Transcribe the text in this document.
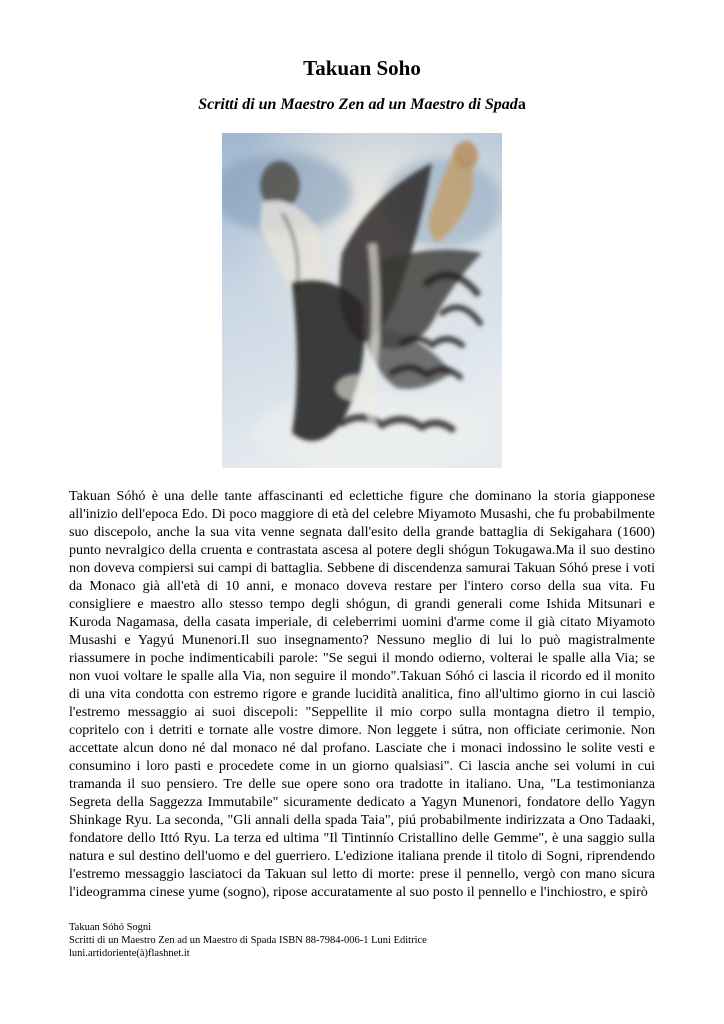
Takuan Soho

Scritti di un Maestro Zen ad un Maestro di Spada

Takuan Sóhó è una delle tante affascinanti ed eclettiche figure che dominano la storia giapponese all'inizio dell'epoca Edo. Di poco maggiore di età del celebre Miyamoto Musashi, che fu probabilmente suo discepolo, anche la sua vita venne segnata dall'esito della grande battaglia di Sekigahara (1600) punto nevralgico della cruenta e contrastata ascesa al potere degli shógun Tokugawa.Ma il suo destino non doveva compiersi sui campi di battaglia. Sebbene di discendenza samurai Takuan Sóhó prese i voti da Monaco già all'età di 10 anni, e monaco doveva restare per l'intero corso della sua vita. Fu consigliere e maestro allo stesso tempo degli shógun, di grandi generali come Ishida Mitsunari e Kuroda Nagamasa, della casata imperiale, di celeberrimi uomini d'arme come il già citato Miyamoto Musashi e Yagyú Munenori.Il suo insegnamento? Nessuno meglio di lui lo può magistralmente riassumere in poche indimenticabili parole: "Se segui il mondo odierno, volterai le spalle alla Via; se non vuoi voltare le spalle alla Via, non seguire il mondo".Takuan Sóhó ci lascia il ricordo ed il monito di una vita condotta con estremo rigore e grande lucidità analitica, fino all'ultimo giorno in cui lasciò l'estremo messaggio ai suoi discepoli: "Seppellite il mio corpo sulla montagna dietro il tempio, copritelo con i detriti e tornate alle vostre dimore. Non leggete i sútra, non officiate cerimonie. Non accettate alcun dono né dal monaco né dal profano. Lasciate che i monaci indossino le solite vesti e consumino i loro pasti e procedete come in un giorno qualsiasi". Ci lascia anche sei volumi in cui tramanda il suo pensiero. Tre delle sue opere sono ora tradotte in italiano. Una, "La testimonianza Segreta della Saggezza Immutabile" sicuramente dedicato a Yagyn Munenori, fondatore dello Yagyn Shinkage Ryu. La seconda, "Gli annali della spada Taia", piú probabilmente indirizzata a Ono Tadaaki, fondatore dello Ittó Ryu. La terza ed ultima "Il Tintinnío Cristallino delle Gemme", è una saggio sulla natura e sul destino dell'uomo e del guerriero. L'edizione italiana prende il titolo di Sogni, riprendendo l'estremo messaggio lasciatoci da Takuan sul letto di morte: prese il pennello, vergò con mano sicura l'ideogramma cinese yume (sogno), ripose accuratamente al suo posto il pennello e l'inchiostro, e spirò

Takuan Sóhó Sogni
Scritti di un Maestro Zen ad un Maestro di Spada ISBN 88-7984-006-1 Luni Editrice
luni.artidoriente(à)flashnet.it
